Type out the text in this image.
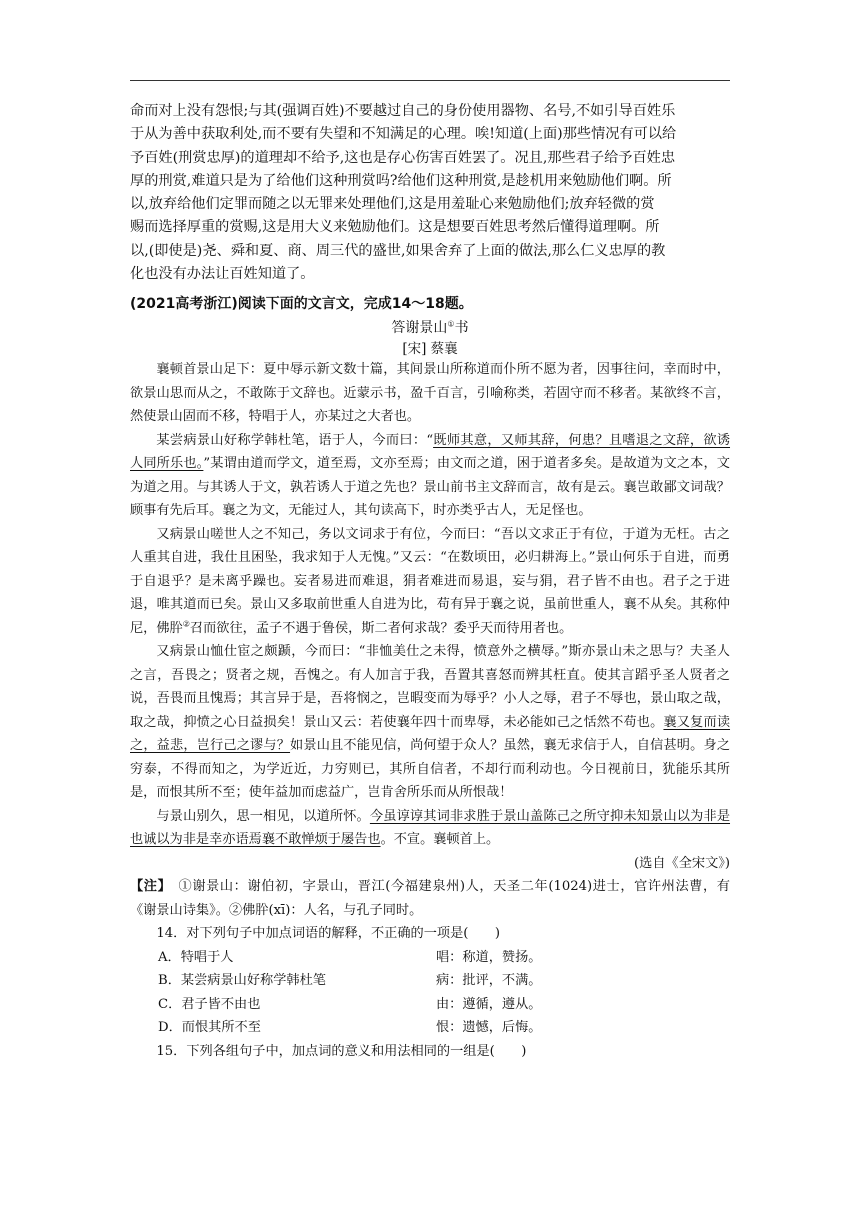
命而对上没有怨恨;与其(强调百姓)不要越过自己的身份使用器物、名号,不如引导百姓乐
于从为善中获取利处,而不要有失望和不知满足的心理。唉!知道(上面)那些情况有可以给
予百姓(刑赏忠厚)的道理却不给予,这也是存心伤害百姓罢了。况且,那些君子给予百姓忠
厚的刑赏,难道只是为了给他们这种刑赏吗?给他们这种刑赏,是趁机用来勉励他们啊。所
以,放弃给他们定罪而随之以无罪来处理他们,这是用羞耻心来勉励他们;放弃轻微的赏
赐而选择厚重的赏赐,这是用大义来勉励他们。这是想要百姓思考然后懂得道理啊。所
以,(即使是)尧、舜和夏、商、周三代的盛世,如果舍弃了上面的做法,那么仁义忠厚的教
化也没有办法让百姓知道了。
(2021高考浙江)阅读下面的文言文，完成14～18题。
答谢景山①书
[宋] 蔡襄

襄顿首景山足下：夏中辱示新文数十篇，其间景山所称道而仆所不愿为者，因事往问，幸而时中，欲景山思而从之，不敢陈于文辞也。近蒙示书，盈千百言，引喻称类，若固守而不移者。某欲终不言，然使景山固而不移，特唱于人，亦某过之大者也。

某尝病景山好称学韩杜笔，语于人，今而曰：“既师其意，又师其辞，何患？且嗜退之文辞，欲诱人同所乐也。”某谓由道而学文，道至焉，文亦至焉；由文而之道，困于道者多矣。是故道为文之本，文为道之用。与其诱人于文，孰若诱人于道之先也？景山前书主文辞而言，故有是云。襄岂敢鄙文词哉？顾事有先后耳。襄之为文，无能过人，其句读高下，时亦类乎古人，无足怪也。

又病景山嗟世人之不知己，务以文词求于有位，今而曰：“吾以文求正于有位，于道为无枉。古之人重其自进，我仕且困坠，我求知于人无愧。”又云：“在数顷田，必归耕海上。”景山何乐于自进，而勇于自退乎？是未离乎躁也。妄者易进而难退，狷者难进而易退，妄与狷，君子皆不由也。君子之于进退，唯其道而已矣。景山又多取前世重人自进为比，苟有异于襄之说，虽前世重人，襄不从矣。其称仲尼，佛肸②召而欲往，孟子不遇于鲁侯，斯二者何求哉？委乎天而待用者也。

又病景山恤仕宦之颇踬，今而曰：“非恤美仕之未得，愤意外之横辱。”斯亦景山未之思与？夫圣人之言，吾畏之；贤者之规，吾愧之。有人加言于我，吾置其喜怒而辨其枉直。使其言蹈乎圣人贤者之说，吾畏而且愧焉；其言异于是，吾将悯之，岂暇变而为辱乎？小人之辱，君子不辱也，景山取之哉，取之哉，抑愤之心日益损矣！景山又云：若使襄年四十而卑辱，未必能如己之恬然不苟也。襄又复而读之，益悲，岂行己之谬与？如景山且不能见信，尚何望于众人？虽然，襄无求信于人，自信甚明。身之穷泰，不得而知之，为学近近，力穷则已，其所自信者，不却行而利动也。今日视前日，犹能乐其所是，而恨其所不至；使年益加而虑益广，岂肯舍所乐而从所恨哉！

与景山别久，思一相见，以道所怀。今虽谆谆其词非求胜于景山盖陈己之所守抑未知景山以为非是也诚以为非是幸亦语焉襄不敢惮烦于屡告也。不宣。襄顿首上。

(选自《全宋文》)
【注】　①谢景山：谢伯初，字景山，晋江(今福建泉州)人，天圣二年(1024)进士，官许州法曹，有《谢景山诗集》。②佛肸(xī)：人名，与孔子同时。
14．对下列句子中加点词语的解释，不正确的一项是(　　)
A．特唱于人	唱：称道，赞扬。
B．某尝病景山好称学韩杜笔	病：批评，不满。
C．君子皆不由也	由：遵循，遵从。
D．而恨其所不至	恨：遗憾，后悔。
15．下列各组句子中，加点词的意义和用法相同的一组是(　　)
